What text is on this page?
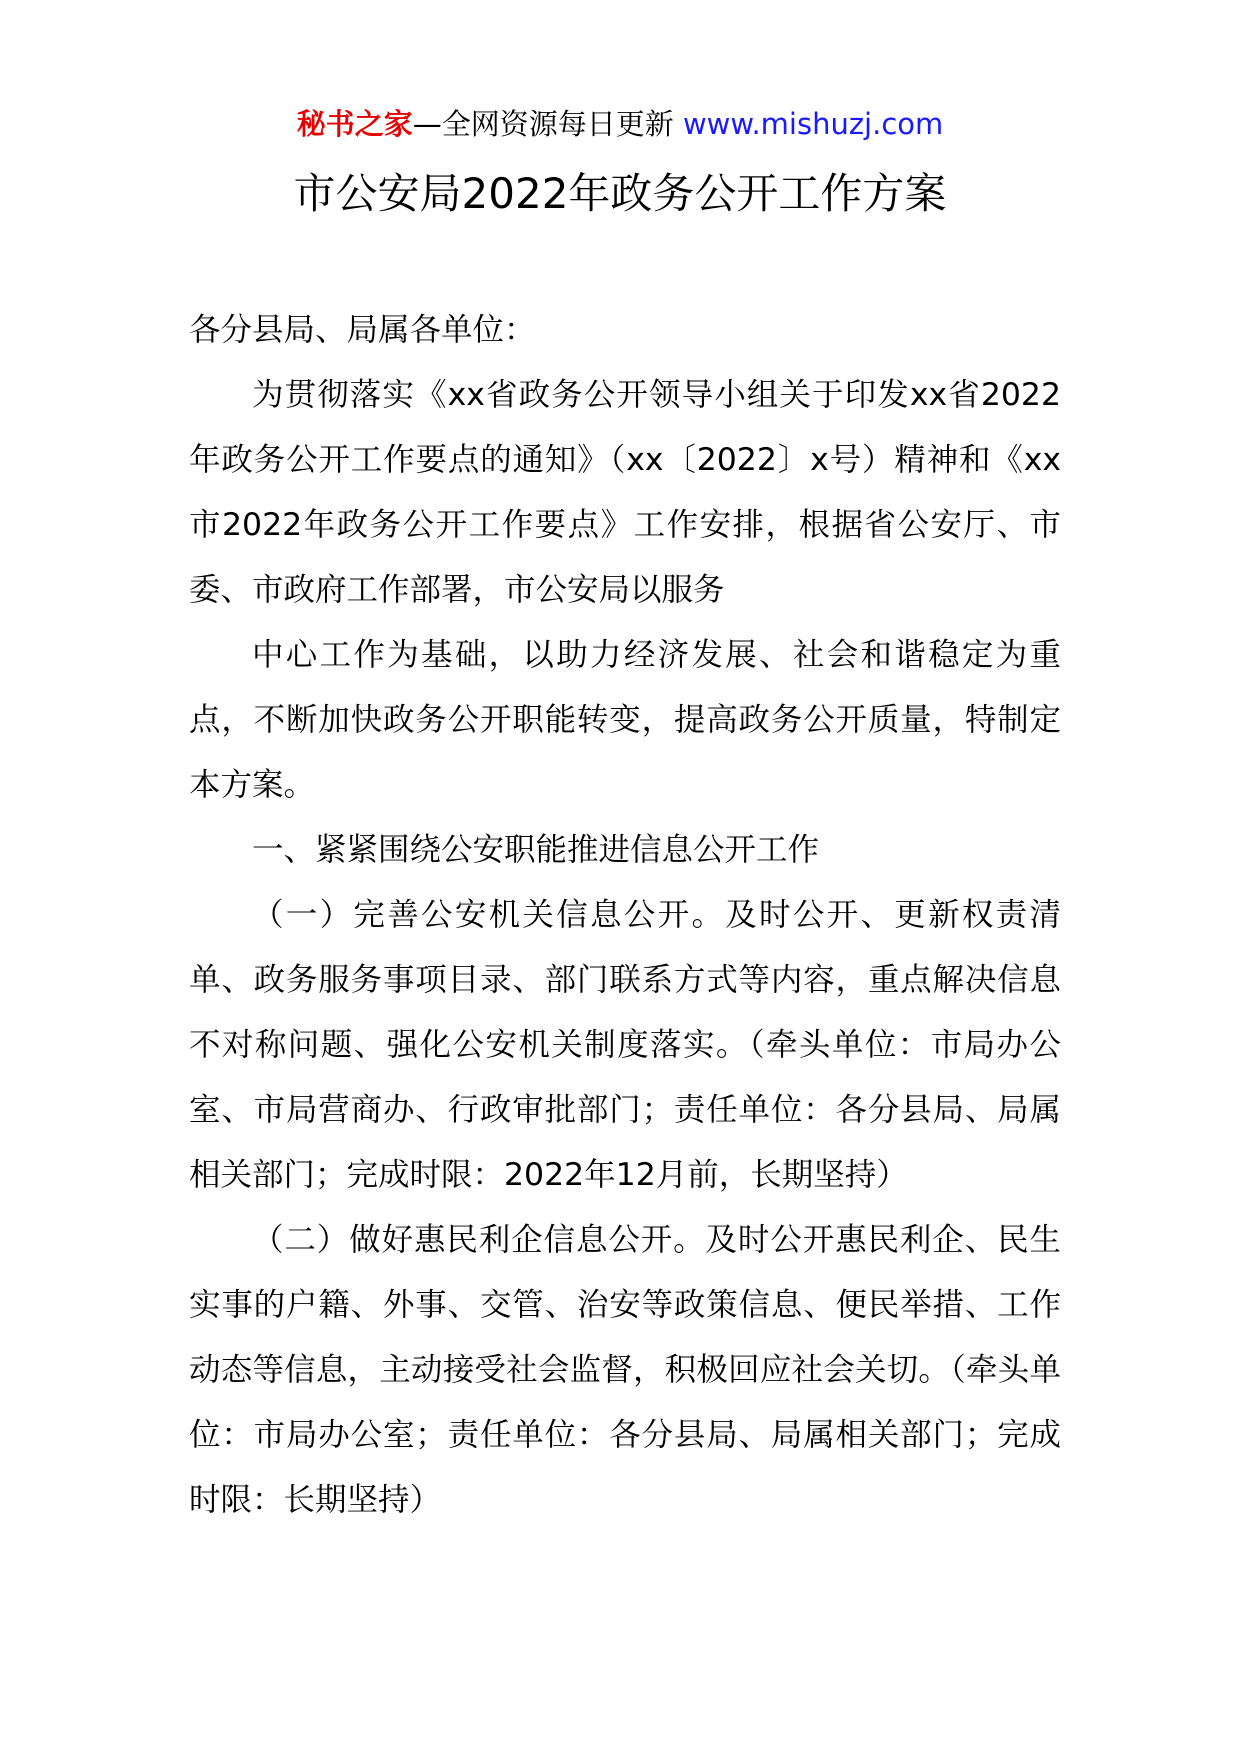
秘书之家—全网资源每日更新 www.mishuzj.com
市公安局2022年政务公开工作方案

各分县局、局属各单位：

为贯彻落实《xx省政务公开领导小组关于印发xx省2022年政务公开工作要点的通知》（xx〔2022〕x号）精神和《xx市2022年政务公开工作要点》工作安排，根据省公安厅、市委、市政府工作部署，市公安局以服务

中心工作为基础，以助力经济发展、社会和谐稳定为重点，不断加快政务公开职能转变，提高政务公开质量，特制定本方案。

一、紧紧围绕公安职能推进信息公开工作

（一）完善公安机关信息公开。及时公开、更新权责清单、政务服务事项目录、部门联系方式等内容，重点解决信息不对称问题、强化公安机关制度落实。（牵头单位：市局办公室、市局营商办、行政审批部门；责任单位：各分县局、局属相关部门；完成时限：2022年12月前，长期坚持）

（二）做好惠民利企信息公开。及时公开惠民利企、民生实事的户籍、外事、交管、治安等政策信息、便民举措、工作动态等信息，主动接受社会监督，积极回应社会关切。（牵头单位：市局办公室；责任单位：各分县局、局属相关部门；完成时限：长期坚持）
